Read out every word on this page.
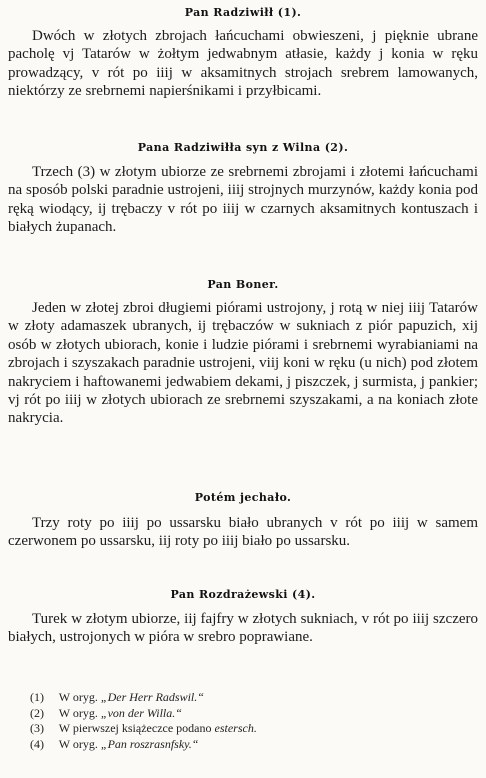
Pan Radziwiłł (1).
Dwóch w złotych zbrojach łańcuchami obwieszeni, j pięknie ubrane pacholę vj Tatarów w żołtym jedwabnym atłasie, każdy j konia w ręku prowadzący, v rót po iiij w aksamitnych strojach srebrem lamowanych, niektórzy ze srebrnemi napierśnikami i przyłbicami.
Pana Radziwiłła syn z Wilna (2).
Trzech (3) w złotym ubiorze ze srebrnemi zbrojami i złotemi łańcuchami na sposób polski paradnie ustrojeni, iiij strojnych murzynów, każdy konia pod ręką wiodący, ij trębaczy v rót po iiij w czarnych aksamitnych kontuszach i białych żupanach.
Pan Boner.
Jeden w złotej zbroi długiemi piórami ustrojony, j rotą w niej iiij Tatarów w złoty adamaszek ubranych, ij trębaczów w sukniach z piór papuzich, xij osób w złotych ubiorach, konie i ludzie piórami i srebrnemi wyrabianiami na zbrojach i szyszakach paradnie ustrojeni, viij koni w ręku (u nich) pod złotem nakryciem i haftowanemi jedwabiem dekami, j piszczek, j surmista, j pankier; vj rót po iiij w złotych ubiorach ze srebrnemi szyszakami, a na koniach złote nakrycia.
Potém jechało.
Trzy roty po iiij po ussarsku biało ubranych v rót po iiij w samem czerwonem po ussarsku, iij roty po iiij biało po ussarsku.
Pan Rozdrażewski (4).
Turek w złotym ubiorze, iij fajfry w złotych sukniach, v rót po iiij szczero białych, ustrojonych w pióra w srebro poprawiane.
(1) W oryg. „Der Herr Radswil.“
(2) W oryg. „von der Willa.“
(3) W pierwszej książeczce podano estersch.
(4) W oryg. „Pan roszrasnfsky.“
